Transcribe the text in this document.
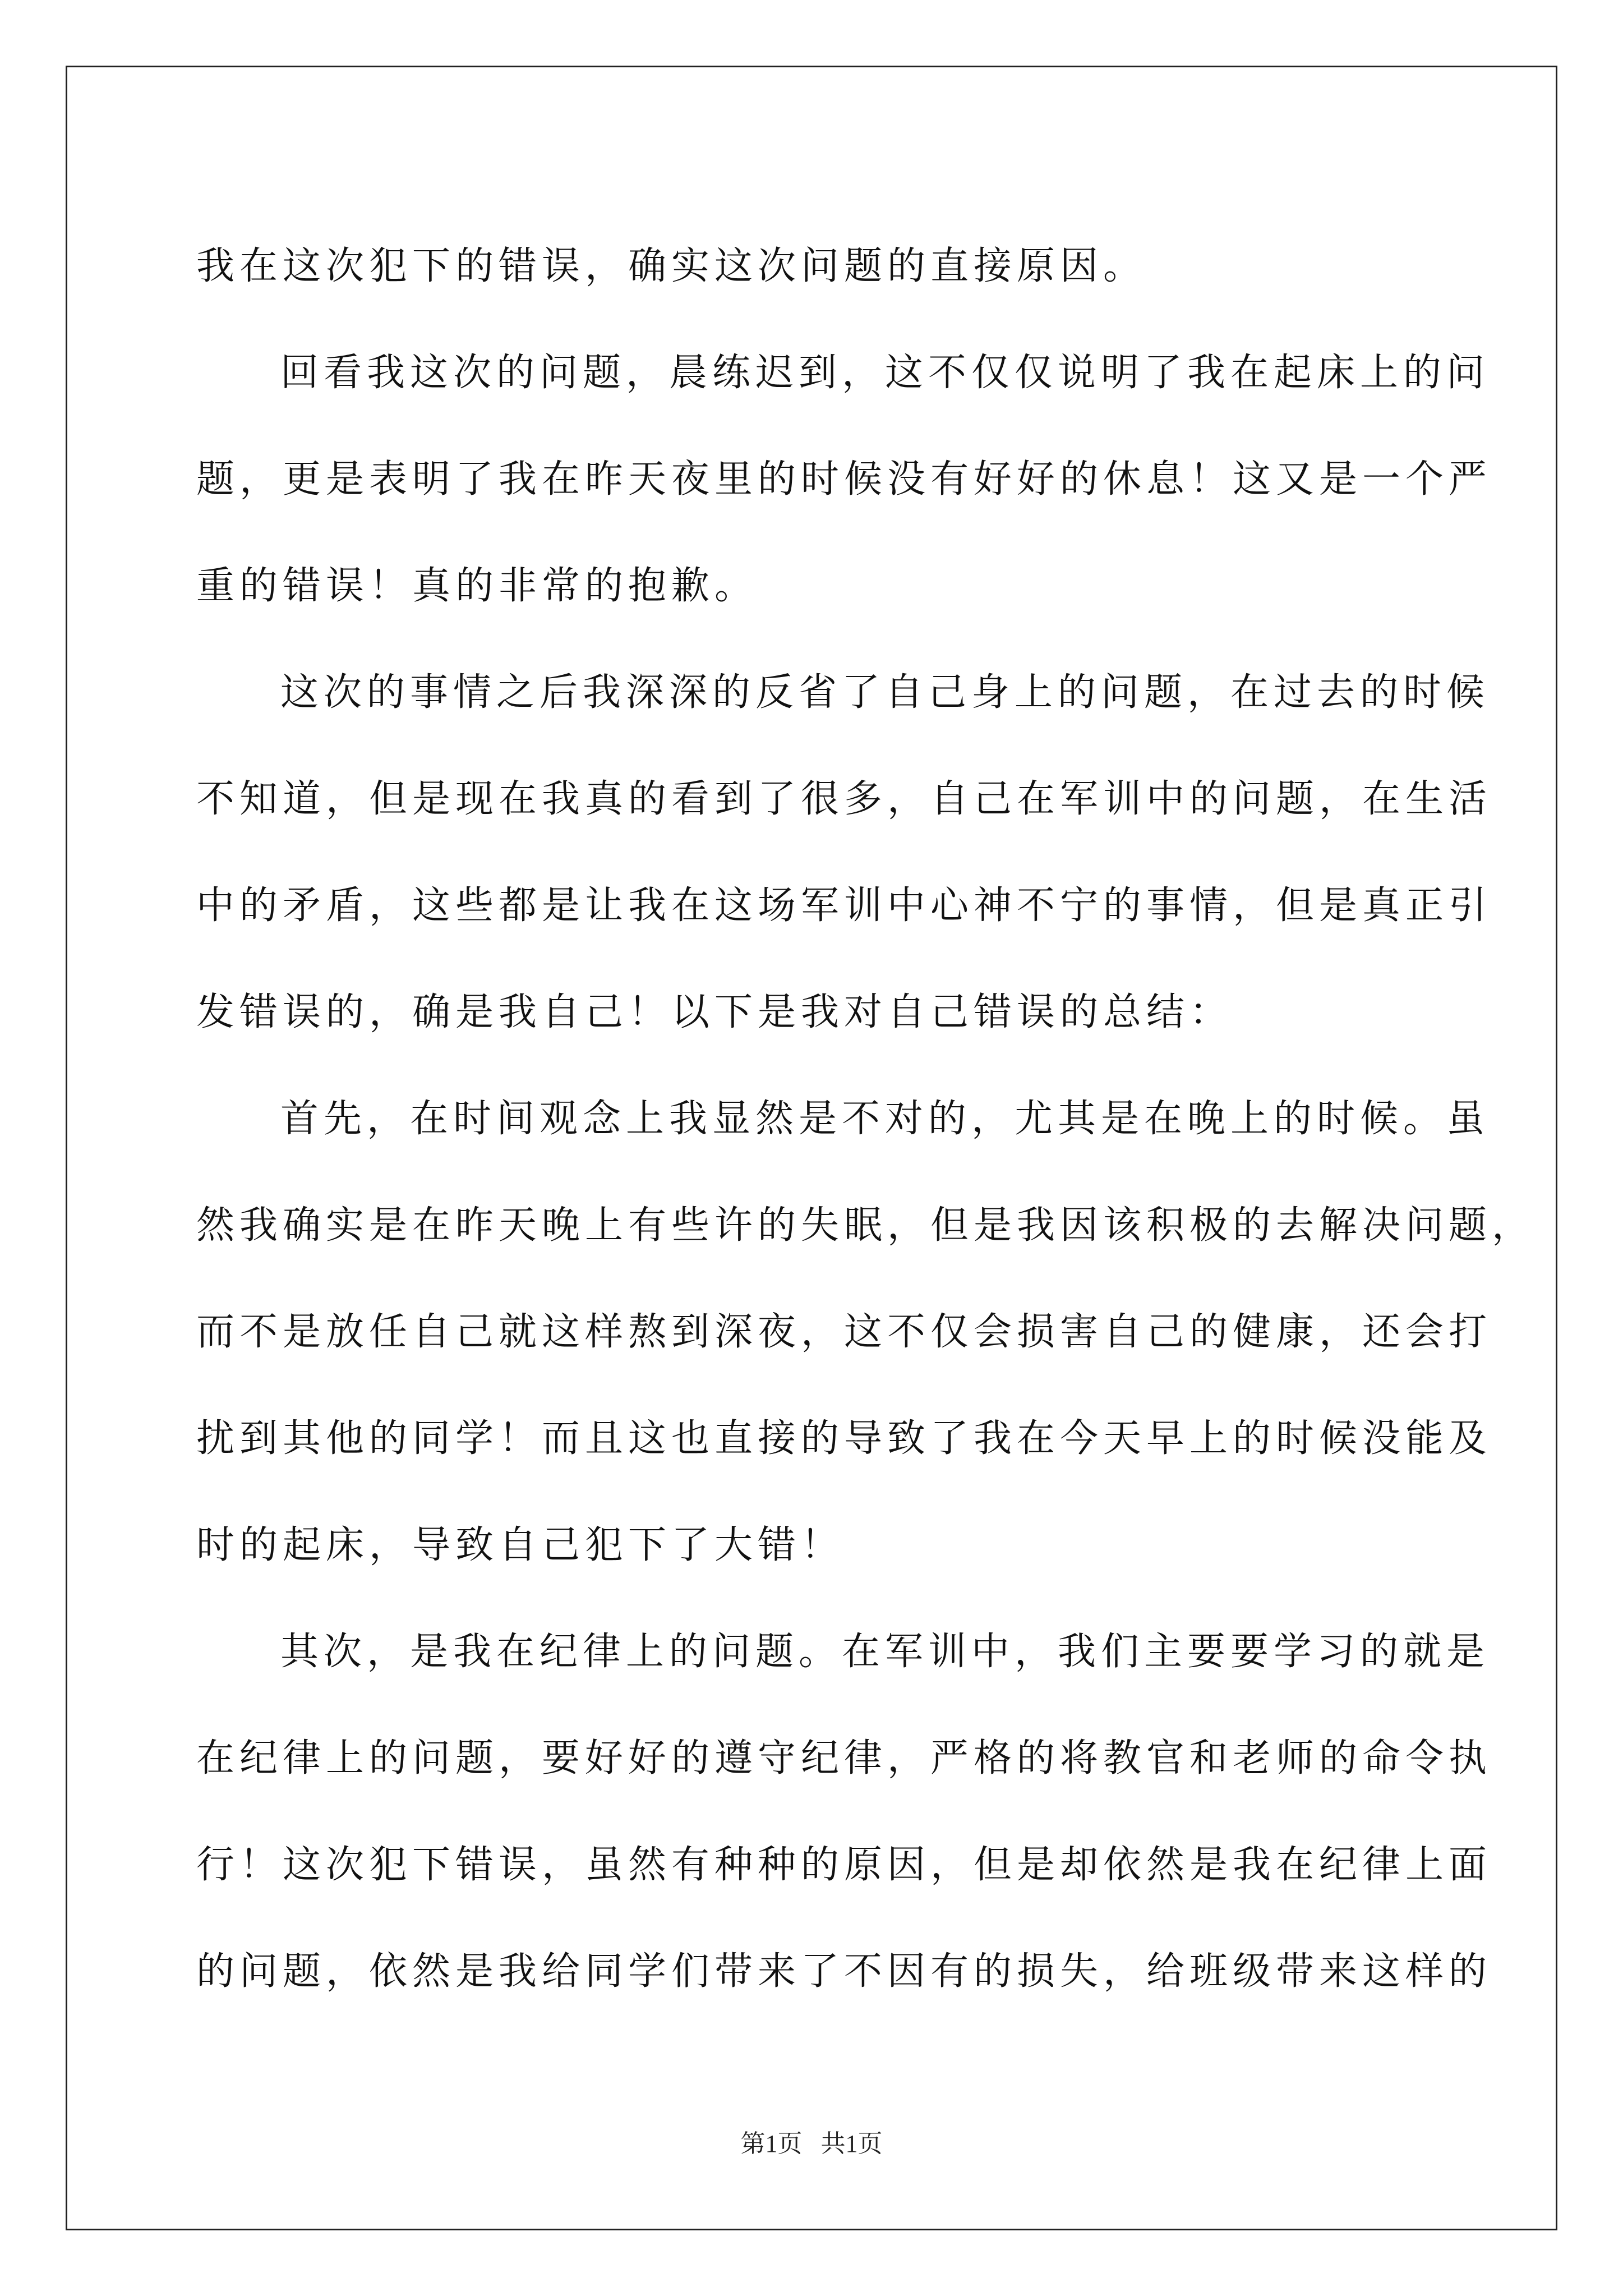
我在这次犯下的错误，确实这次问题的直接原因。
回看我这次的问题，晨练迟到，这不仅仅说明了我在起床上的问
题，更是表明了我在昨天夜里的时候没有好好的休息！这又是一个严
重的错误！真的非常的抱歉。
这次的事情之后我深深的反省了自己身上的问题，在过去的时候
不知道，但是现在我真的看到了很多，自己在军训中的问题，在生活
中的矛盾，这些都是让我在这场军训中心神不宁的事情，但是真正引
发错误的，确是我自己！以下是我对自己错误的总结：
首先，在时间观念上我显然是不对的，尤其是在晚上的时候。虽
然我确实是在昨天晚上有些许的失眠，但是我因该积极的去解决问题，
而不是放任自己就这样熬到深夜，这不仅会损害自己的健康，还会打
扰到其他的同学！而且这也直接的导致了我在今天早上的时候没能及
时的起床，导致自己犯下了大错！
其次，是我在纪律上的问题。在军训中，我们主要要学习的就是
在纪律上的问题，要好好的遵守纪律，严格的将教官和老师的命令执
行！这次犯下错误，虽然有种种的原因，但是却依然是我在纪律上面
的问题，依然是我给同学们带来了不因有的损失，给班级带来这样的
第1页   共1页
